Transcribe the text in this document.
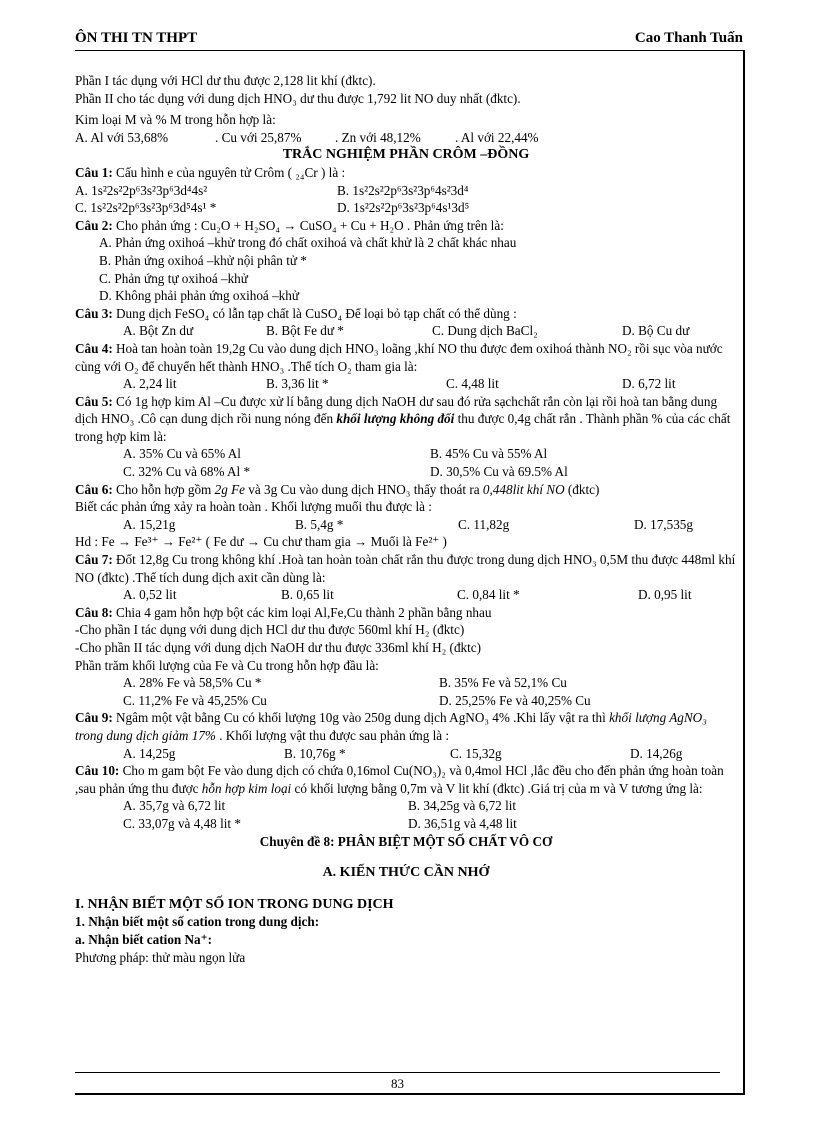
ÔN THI TN THPT	Cao Thanh Tuấn
Phần I tác dụng với HCl dư thu được 2,128 lit khí (đktc).
Phần II cho tác dụng với dung dịch HNO₃ dư thu được 1,792 lit NO duy nhất (đktc).
Kim loại M và % M trong hỗn hợp là:
A. Al với 53,68%	. Cu với 25,87%	. Zn với 48,12%	. Al với 22,44%
TRẮC NGHIỆM PHẦN CRÔM –ĐỒNG
Câu 1: Cấu hình e của nguyên tử Crôm ( ₂₄Cr ) là :
A. 1s²2s²2p⁶3s²3p⁶3d⁴4s²	B. 1s²2s²2p⁶3s²3p⁶4s²3d⁴
C. 1s²2s²2p⁶3s²3p⁶3d⁵4s¹ *	D. 1s²2s²2p⁶3s²3p⁶4s¹3d⁵
Câu 2: Cho phản ứng : Cu₂O + H₂SO₄ → CuSO₄ + Cu + H₂O . Phản ứng trên là:
A. Phản ứng oxihoá –khử trong đó chất oxihoá và chất khử là 2 chất khác nhau
B. Phản ứng oxihoá –khử nội phân tử *
C. Phản ứng tự oxihoá –khử
D. Không phải phản ứng oxihoá –khử
Câu 3: Dung dịch FeSO₄ có lẫn tạp chất là CuSO₄ Để loại bỏ tạp chất có thể dùng :
A. Bột Zn dư	B. Bột Fe dư *	C. Dung dịch BaCl₂	D. Bộ Cu dư
Câu 4: Hoà tan hoàn toàn 19,2g Cu vào dung dịch HNO₃ loãng ,khí NO thu được đem oxihoá thành NO₂ rồi sục vòa nước cùng với O₂ để chuyển hết thành HNO₃ .Thể tích O₂ tham gia là:
A. 2,24 lit	B. 3,36 lit *	C. 4,48 lit	D. 6,72 lit
Câu 5: Có 1g hợp kim Al –Cu được xử lí bằng dung dịch NaOH dư sau đó rửa sạchchất rắn còn lại rồi hoà tan bằng dung dịch HNO₃ .Cô cạn dung dịch rồi nung nóng đến khối lượng không đổi thu được 0,4g chất rắn . Thành phần % của các chất trong hợp kim là:
A. 35% Cu và 65% Al	B. 45% Cu và 55% Al
C. 32% Cu và 68% Al *	D. 30,5% Cu và 69.5% Al
Câu 6: Cho hỗn hợp gồm 2g Fe và 3g Cu vào dung dịch HNO₃ thấy thoát ra 0,448lit khí NO (đktc)
Biết các phản ứng xảy ra hoàn toàn . Khối lượng muối thu được là :
A. 15,21g	B. 5,4g *	C. 11,82g	D. 17,535g
Hd : Fe → Fe³⁺ → Fe²⁺ ( Fe dư → Cu chư tham gia → Muối là Fe²⁺ )
Câu 7: Đốt 12,8g Cu trong không khí .Hoà tan hoàn toàn chất rắn thu được trong dung dịch HNO₃ 0,5M thu được 448ml khí NO (đktc) .Thể tích dung dịch axit cần dùng là:
A. 0,52 lit	B. 0,65 lit	C. 0,84 lit *	D. 0,95 lit
Câu 8: Chia 4 gam hỗn hợp bột các kim loại Al,Fe,Cu thành 2 phần bằng nhau
-Cho phần I tác dụng với dung dịch HCl dư thu được 560ml khí H₂ (đktc)
-Cho phần II tác dụng với dung dịch NaOH dư thu được 336ml khí H₂ (đktc)
Phần trăm khối lượng của Fe và Cu trong hỗn hợp đầu là:
A. 28% Fe và 58,5% Cu *	B. 35% Fe và 52,1% Cu
C. 11,2% Fe và 45,25% Cu	D. 25,25% Fe và 40,25% Cu
Câu 9: Ngâm một vật bằng Cu có khối lượng 10g vào 250g dung dịch AgNO₃ 4% .Khi lấy vật ra thì khối lượng AgNO₃ trong dung dịch giảm 17% . Khối lượng vật thu được sau phản ứng là :
A. 14,25g	B. 10,76g *	C. 15,32g	D. 14,26g
Câu 10: Cho m gam bột Fe vào dung dịch có chứa 0,16mol Cu(NO₃)₂ và 0,4mol HCl ,lắc đều cho đến phản ứng hoàn toàn ,sau phản ứng thu được hỗn hợp kim loại có khối lượng bằng 0,7m và V lit khí (đktc) .Giá trị của m và V tương ứng là:
A. 35,7g và 6,72 lit	B. 34,25g và 6,72 lit
C. 33,07g và 4,48 lit *	D. 36,51g và 4,48 lit
Chuyên đề 8: PHÂN BIỆT MỘT SỐ CHẤT VÔ CƠ
A. KIẾN THỨC CẦN NHỚ
I. NHẬN BIẾT MỘT SỐ ION TRONG DUNG DỊCH
1. Nhận biết một số cation trong dung dịch:
a. Nhận biết cation Na⁺:
Phương pháp: thử màu ngọn lửa
83
